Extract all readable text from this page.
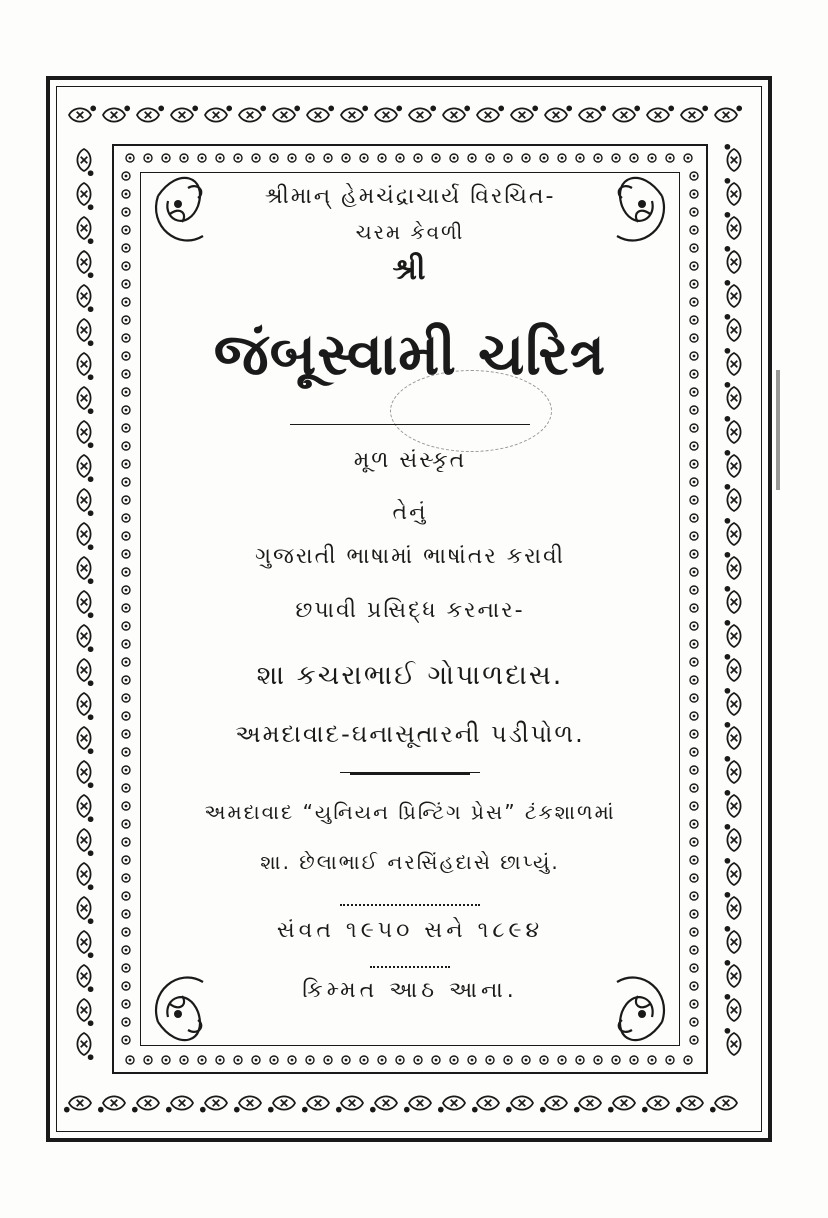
શ્રીમાન્ હેમચંદ્રાચાર્ય વિરચિત-
ચરમ કેવળી
શ્રી
જંબૂસ્વામી ચરિત્ર
મૂળ સંસ્કૃત
તેનું
ગુજરાતી ભાષામાં ભાષાંતર કરાવી
છપાવી પ્રસિદ્ધ કરનાર-
શા કચરાભાઈ ગોપાળદાસ.
અમદાવાદ-ઘનાસૂતારની પડીપોળ.
અમદાવાદ “યુનિયન પ્રિન્ટિંગ પ્રેસ” ટંકશાળમાં
શા. છેલાભાઈ નરસિંહદાસે છાપ્યું.
સંવત ૧૯૫૦ સને ૧૮૯૪
કિમ્મત આઠ આના.
